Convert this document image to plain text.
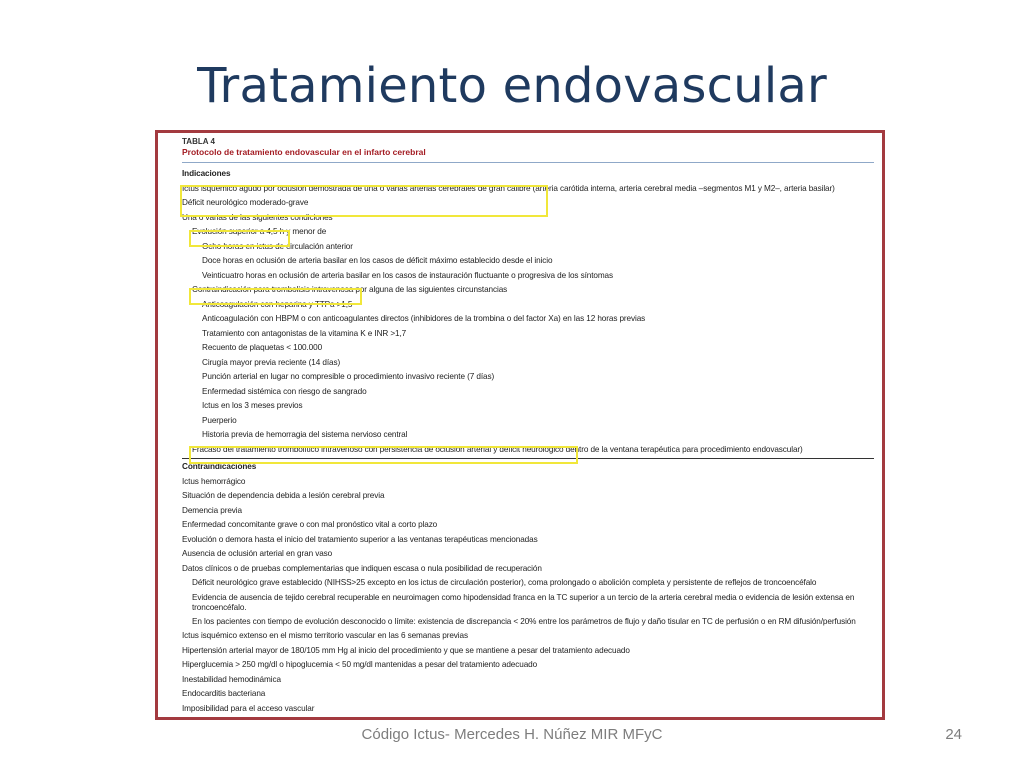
Tratamiento endovascular
TABLA 4
Protocolo de tratamiento endovascular en el infarto cerebral
Indicaciones
Ictus isquémico agudo por oclusión demostrada de una o varias arterias cerebrales de gran calibre (arteria carótida interna, arteria cerebral media –segmentos M1 y M2–, arteria basilar)
Déficit neurológico moderado-grave
Una o varias de las siguientes condiciones
Evolución superior a 4,5 h y menor de
Ocho horas en ictus de circulación anterior
Doce horas en oclusión de arteria basilar en los casos de déficit máximo establecido desde el inicio
Veinticuatro horas en oclusión de arteria basilar en los casos de instauración fluctuante o progresiva de los síntomas
Contraindicación para trombolisis intravenosa por alguna de las siguientes circunstancias
Anticoagulación con heparina y TTPa >1,5
Anticoagulación con HBPM o con anticoagulantes directos (inhibidores de la trombina o del factor Xa) en las 12 horas previas
Tratamiento con antagonistas de la vitamina K e INR >1,7
Recuento de plaquetas < 100.000
Cirugía mayor previa reciente (14 días)
Punción arterial en lugar no compresible o procedimiento invasivo reciente (7 días)
Enfermedad sistémica con riesgo de sangrado
Ictus en los 3 meses previos
Puerperio
Historia previa de hemorragia del sistema nervioso central
Fracaso del tratamiento trombolítico intravenoso con persistencia de oclusión arterial y déficit neurológico dentro de la ventana terapéutica para procedimiento endovascular)
Contraindicaciones
Ictus hemorrágico
Situación de dependencia debida a lesión cerebral previa
Demencia previa
Enfermedad concomitante grave o con mal pronóstico vital a corto plazo
Evolución o demora hasta el inicio del tratamiento superior a las ventanas terapéuticas mencionadas
Ausencia de oclusión arterial en gran vaso
Datos clínicos o de pruebas complementarias que indiquen escasa o nula posibilidad de recuperación
Déficit neurológico grave establecido (NIHSS>25 excepto en los ictus de circulación posterior), coma prolongado o abolición completa y persistente de reflejos de troncoencéfalo
Evidencia de ausencia de tejido cerebral recuperable en neuroimagen como hipodensidad franca en la TC superior a un tercio de la arteria cerebral media o evidencia de lesión extensa en troncoencéfalo.
En los pacientes con tiempo de evolución desconocido o límite: existencia de discrepancia < 20% entre los parámetros de flujo y daño tisular en TC de perfusión o en RM difusión/perfusión
Ictus isquémico extenso en el mismo territorio vascular en las 6 semanas previas
Hipertensión arterial mayor de 180/105 mm Hg al inicio del procedimiento y que se mantiene a pesar del tratamiento adecuado
Hiperglucemia > 250 mg/dl o hipoglucemia < 50 mg/dl mantenidas a pesar del tratamiento adecuado
Inestabilidad hemodinámica
Endocarditis bacteriana
Imposibilidad para el acceso vascular
Código Ictus- Mercedes H. Núñez MIR MFyC	24
